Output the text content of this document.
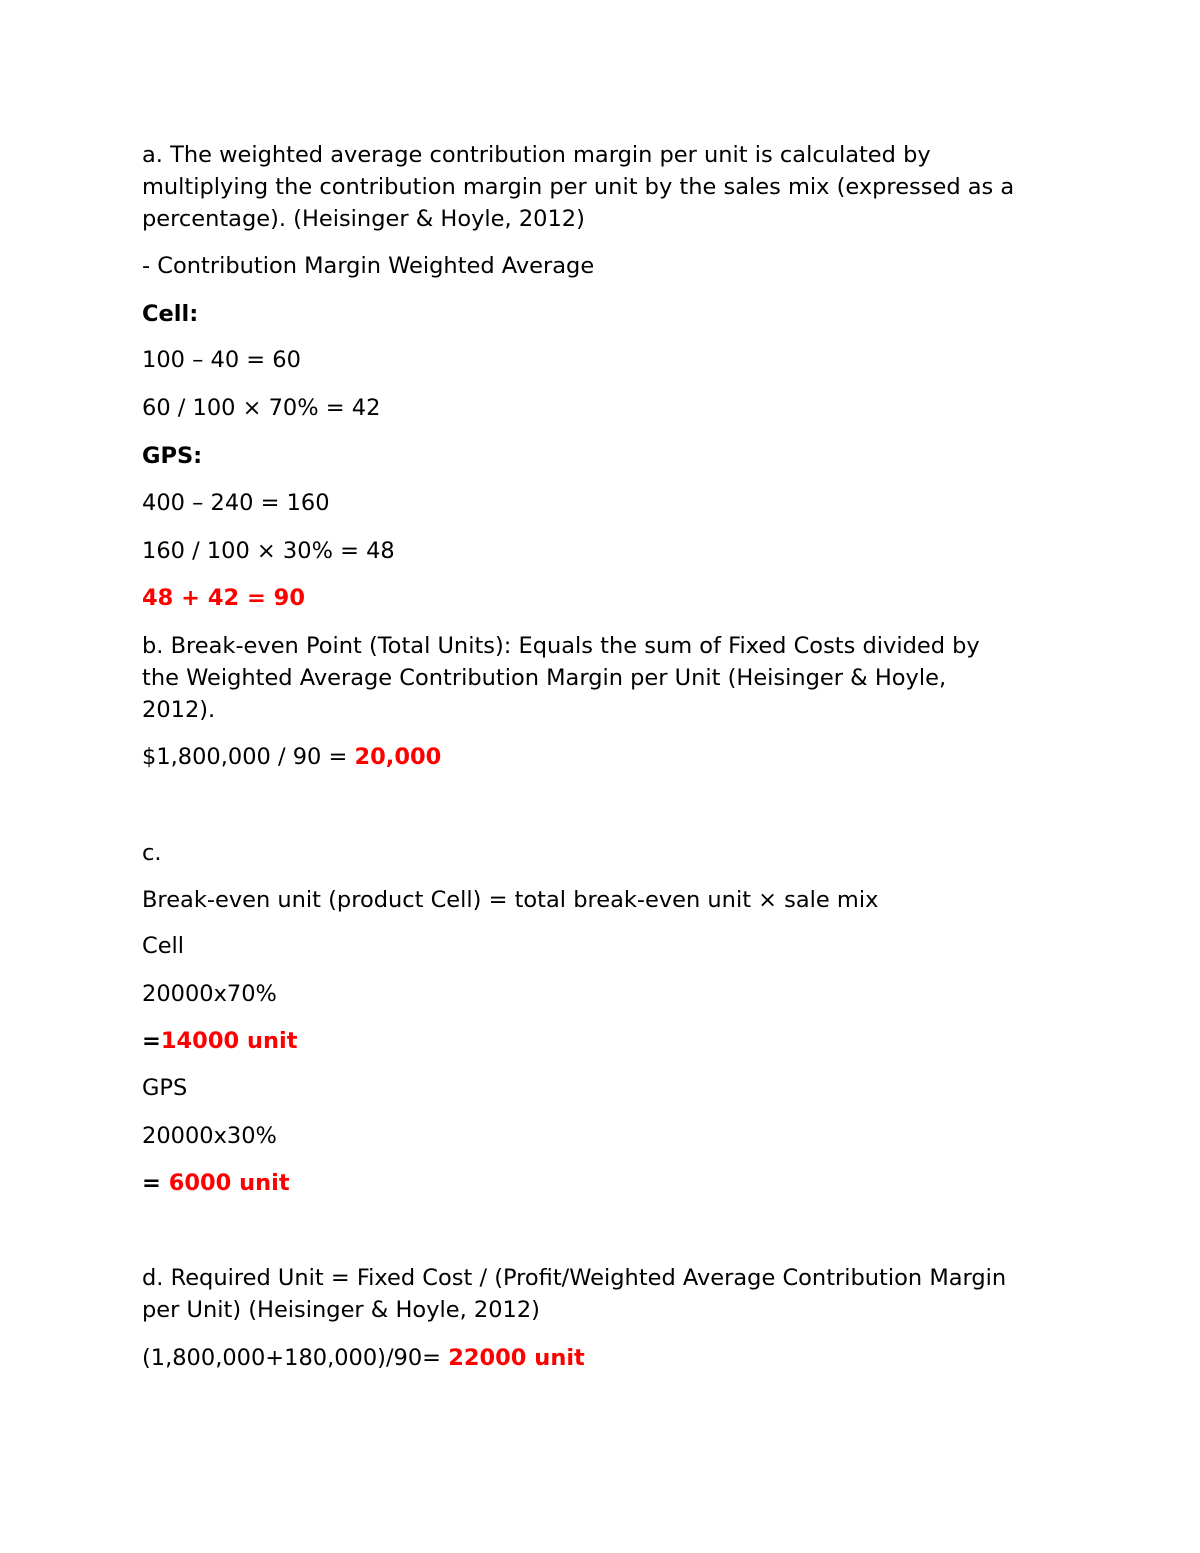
a. The weighted average contribution margin per unit is calculated by
multiplying the contribution margin per unit by the sales mix (expressed as a
percentage). (Heisinger & Hoyle, 2012)
- Contribution Margin Weighted Average
Cell:
100 – 40 = 60
60 / 100 × 70% = 42
GPS:
400 – 240 = 160
160 / 100 × 30% = 48
48 + 42 = 90
b. Break-even Point (Total Units): Equals the sum of Fixed Costs divided by
the Weighted Average Contribution Margin per Unit (Heisinger & Hoyle,
2012).
$1,800,000 / 90 = 20,000
c.
Break-even unit (product Cell) = total break-even unit × sale mix
Cell
20000x70%
=14000 unit
GPS
20000x30%
= 6000 unit
d. Required Unit = Fixed Cost / (Profit/Weighted Average Contribution Margin
per Unit) (Heisinger & Hoyle, 2012)
(1,800,000+180,000)/90= 22000 unit
